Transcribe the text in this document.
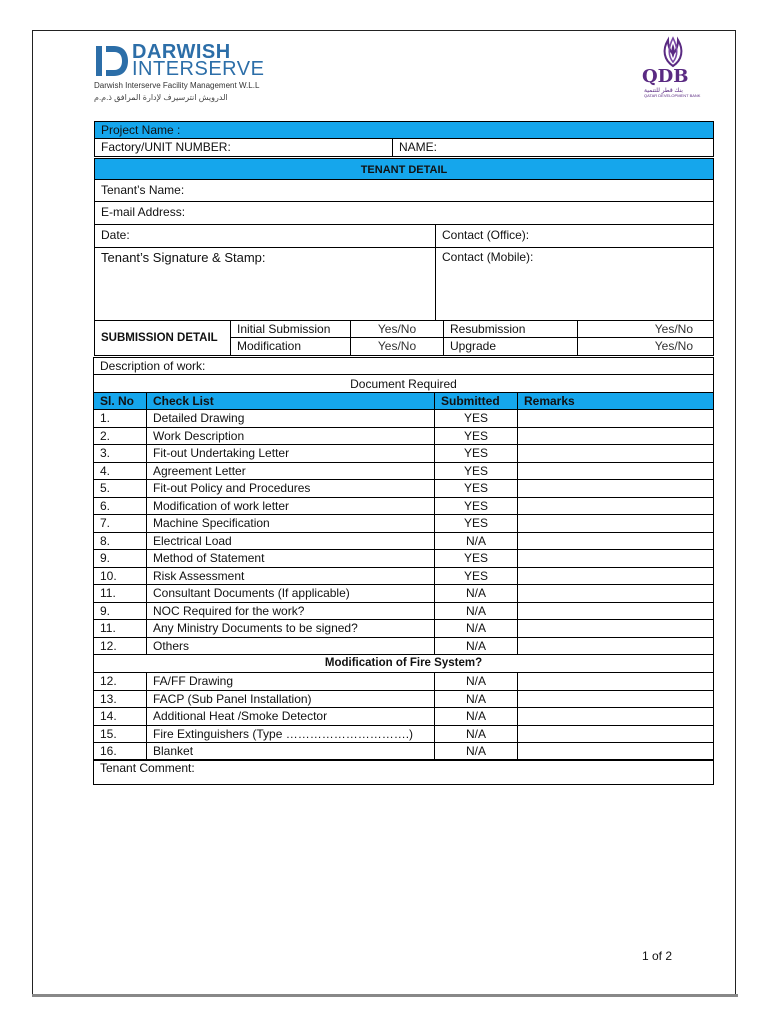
DARWISH
INTERSERVE
Darwish Interserve Facility Management W.L.L
الدرويش انترسيرف لإدارة المرافق ذ.م.م
QDB
بنك قطر للتنمية
QATAR DEVELOPMENT BANK
Project Name :
Factory/UNIT NUMBER:	NAME:
TENANT DETAIL
Tenant’s Name:
E-mail Address:
Date:	Contact (Office):
Tenant’s Signature & Stamp:	Contact (Mobile):
SUBMISSION DETAIL
Initial Submission	Yes/No	Resubmission	Yes/No
Modification	Yes/No	Upgrade	Yes/No
Description of work:
Document Required
Sl. No	Check List	Submitted	Remarks
1.	Detailed Drawing	YES
2.	Work Description	YES
3.	Fit-out Undertaking Letter	YES
4.	Agreement Letter	YES
5.	Fit-out Policy and Procedures	YES
6.	Modification of work letter	YES
7.	Machine Specification	YES
8.	Electrical Load	N/A
9.	Method of Statement	YES
10.	Risk Assessment	YES
11.	Consultant Documents (If applicable)	N/A
9.	NOC Required for the work?	N/A
11.	Any Ministry Documents to be signed?	N/A
12.	Others	N/A
Modification of Fire System?
12.	FA/FF Drawing	N/A
13.	FACP (Sub Panel Installation)	N/A
14.	Additional Heat /Smoke Detector	N/A
15.	Fire Extinguishers (Type ………………………….)	N/A
16.	Blanket	N/A
Tenant Comment:
1 of 2
